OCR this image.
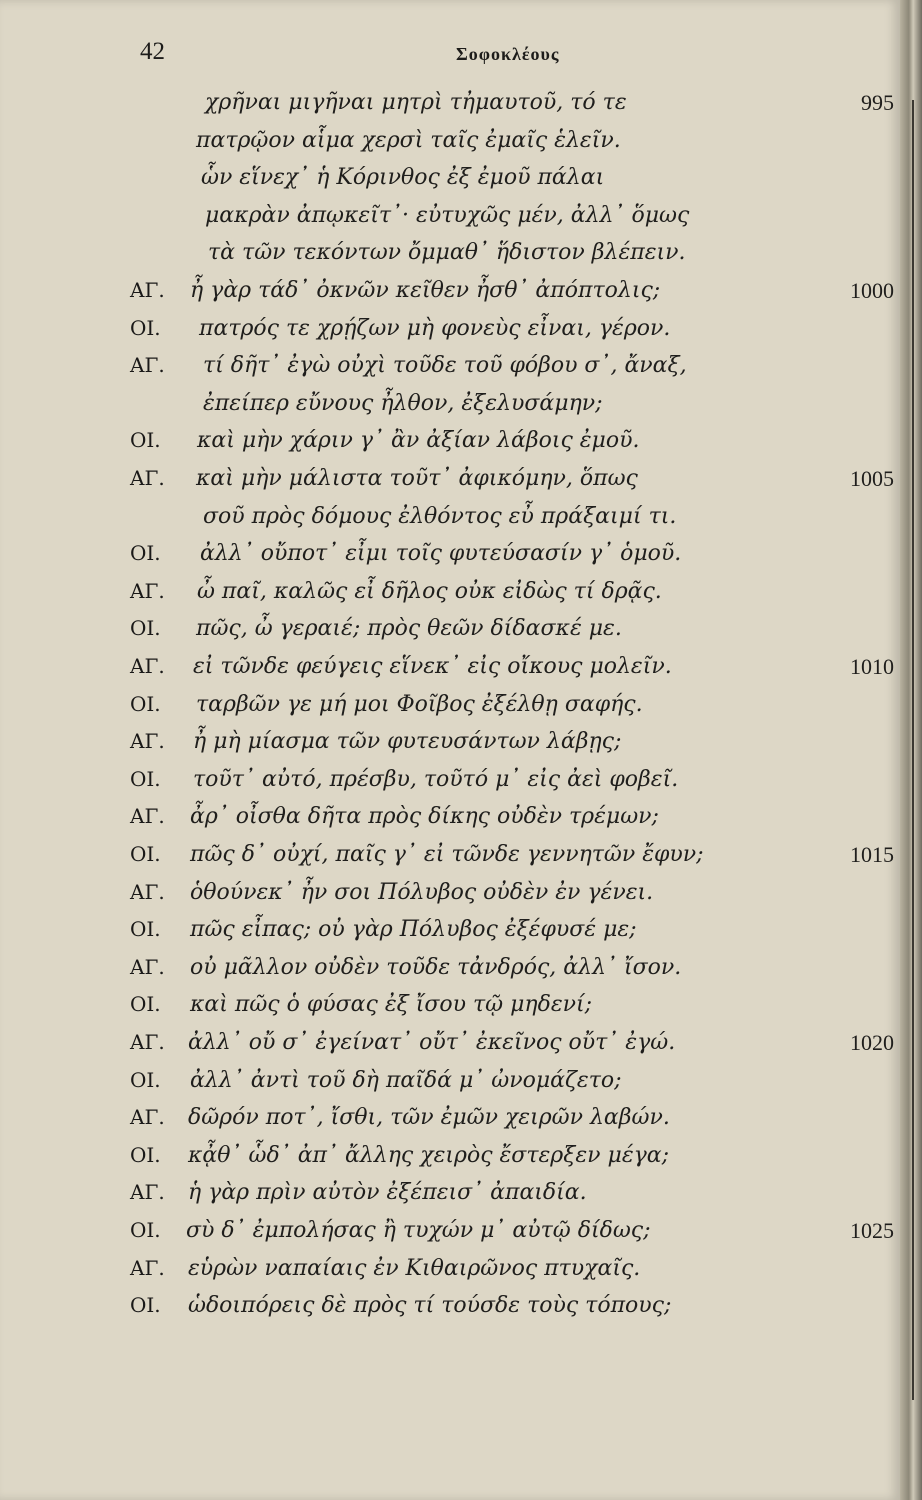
42	Σοφοκλέους
χρῆναι μιγῆναι μητρὶ τἠμαυτοῦ, τό τε	995
πατρῷον αἷμα χερσὶ ταῖς ἐμαῖς ἑλεῖν.
ὧν εἵνεχ᾽ ἡ Κόρινθος ἐξ ἐμοῦ πάλαι
μακρὰν ἀπῳκεῖτ᾽· εὐτυχῶς μέν, ἀλλ᾽ ὅμως
τὰ τῶν τεκόντων ὄμμαθ᾽ ἥδιστον βλέπειν.
ΑΓ. ἦ γὰρ τάδ᾽ ὀκνῶν κεῖθεν ἦσθ᾽ ἀπόπτολις;	1000
ΟΙ. πατρός τε χρῄζων μὴ φονεὺς εἶναι, γέρον.
ΑΓ. τί δῆτ᾽ ἐγὼ οὐχὶ τοῦδε τοῦ φόβου σ᾽, ἄναξ,
ἐπείπερ εὔνους ἦλθον, ἐξελυσάμην;
ΟΙ. καὶ μὴν χάριν γ᾽ ἂν ἀξίαν λάβοις ἐμοῦ.
ΑΓ. καὶ μὴν μάλιστα τοῦτ᾽ ἀφικόμην, ὅπως	1005
σοῦ πρὸς δόμους ἐλθόντος εὖ πράξαιμί τι.
ΟΙ. ἀλλ᾽ οὔποτ᾽ εἶμι τοῖς φυτεύσασίν γ᾽ ὁμοῦ.
ΑΓ. ὦ παῖ, καλῶς εἶ δῆλος οὐκ εἰδὼς τί δρᾷς.
ΟΙ. πῶς, ὦ γεραιέ; πρὸς θεῶν δίδασκέ με.
ΑΓ. εἰ τῶνδε φεύγεις εἵνεκ᾽ εἰς οἴκους μολεῖν.	1010
ΟΙ. ταρβῶν γε μή μοι Φοῖβος ἐξέλθῃ σαφής.
ΑΓ. ἦ μὴ μίασμα τῶν φυτευσάντων λάβῃς;
ΟΙ. τοῦτ᾽ αὐτό, πρέσβυ, τοῦτό μ᾽ εἰς ἀεὶ φοβεῖ.
ΑΓ. ἆρ᾽ οἶσθα δῆτα πρὸς δίκης οὐδὲν τρέμων;
ΟΙ. πῶς δ᾽ οὐχί, παῖς γ᾽ εἰ τῶνδε γεννητῶν ἔφυν;	1015
ΑΓ. ὁθούνεκ᾽ ἦν σοι Πόλυβος οὐδὲν ἐν γένει.
ΟΙ. πῶς εἶπας; οὐ γὰρ Πόλυβος ἐξέφυσέ με;
ΑΓ. οὐ μᾶλλον οὐδὲν τοῦδε τἀνδρός, ἀλλ᾽ ἴσον.
ΟΙ. καὶ πῶς ὁ φύσας ἐξ ἴσου τῷ μηδενί;
ΑΓ. ἀλλ᾽ οὔ σ᾽ ἐγείνατ᾽ οὔτ᾽ ἐκεῖνος οὔτ᾽ ἐγώ.	1020
ΟΙ. ἀλλ᾽ ἀντὶ τοῦ δὴ παῖδά μ᾽ ὠνομάζετο;
ΑΓ. δῶρόν ποτ᾽, ἴσθι, τῶν ἐμῶν χειρῶν λαβών.
ΟΙ. κᾆθ᾽ ὧδ᾽ ἀπ᾽ ἄλλης χειρὸς ἔστερξεν μέγα;
ΑΓ. ἡ γὰρ πρὶν αὐτὸν ἐξέπεισ᾽ ἀπαιδία.
ΟΙ. σὺ δ᾽ ἐμπολήσας ἢ τυχών μ᾽ αὐτῷ δίδως;	1025
ΑΓ. εὑρὼν ναπαίαις ἐν Κιθαιρῶνος πτυχαῖς.
ΟΙ. ὡδοιπόρεις δὲ πρὸς τί τούσδε τοὺς τόπους;
